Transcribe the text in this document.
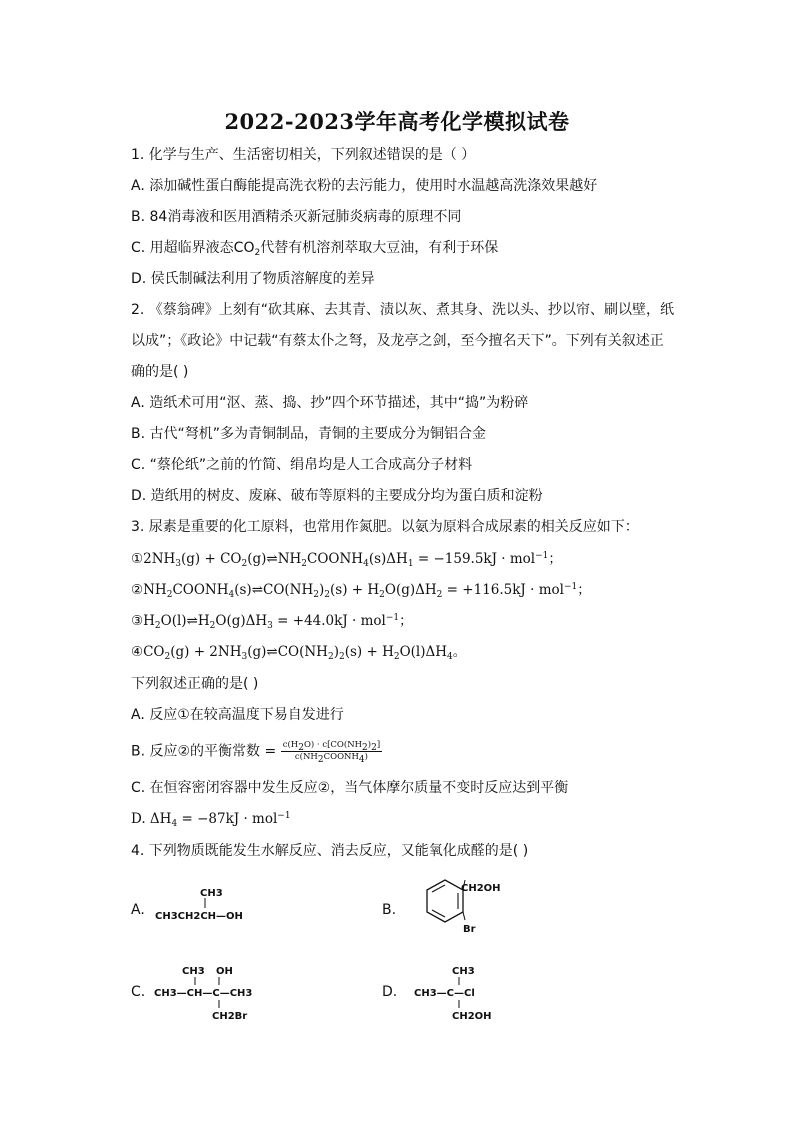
2022-2023学年高考化学模拟试卷
1. 化学与生产、生活密切相关，下列叙述错误的是（ ）
A. 添加碱性蛋白酶能提高洗衣粉的去污能力，使用时水温越高洗涤效果越好
B. 84消毒液和医用酒精杀灭新冠肺炎病毒的原理不同
C. 用超临界液态$CO_2$代替有机溶剂萃取大豆油，有利于环保
D. 侯氏制碱法利用了物质溶解度的差异
2. 《蔡翁碑》上刻有“砍其麻、去其青、渍以灰、煮其身、洗以头、抄以帘、刷以壁，纸
以成”；《政论》中记载“有蔡太仆之弩，及龙亭之剑，至今擅名天下”。下列有关叙述正
确的是( )
A. 造纸术可用“沤、蒸、捣、抄”四个环节描述，其中“捣”为粉碎
B. 古代“弩机”多为青铜制品，青铜的主要成分为铜铝合金
C. “蔡伦纸”之前的竹简、绢帛均是人工合成高分子材料
D. 造纸用的树皮、废麻、破布等原料的主要成分均为蛋白质和淀粉
3. 尿素是重要的化工原料，也常用作氮肥。以氨为原料合成尿素的相关反应如下：
$①2NH_3(g)$ + $CO_2(g)\rightleftharpoons NH_2COONH_4(s)\Delta H_1 = -159.5kJ \cdot mol^{-1}$；
$②NH_2COONH_4(s)\rightleftharpoons CO(NH_2)_2(s) + H_2O(g)\Delta H_2 = +116.5kJ \cdot mol^{-1}$；
$③H_2O(l)\rightleftharpoons H_2O(g)\Delta H_3 = +44.0kJ \cdot mol^{-1}$；
$④CO_2(g)$ + $2NH_3(g)\rightleftharpoons CO(NH_2)_2(s) + H_2O(l)\Delta H_4$。
下列叙述正确的是( )
A. 反应①在较高温度下易自发进行
B. 反应②的平衡常数 = $\frac{c(H_2O) \cdot c[CO(NH_2)_2]}{c(NH_2COONH_4)}$
C. 在恒容密闭容器中发生反应②，当气体摩尔质量不变时反应达到平衡
D. $\Delta H_4 = -87kJ \cdot mol^{-1}$
4. 下列物质既能发生水解反应、消去反应，又能氧化成醛的是( )
A.
CH3
CH3CH2CH—OH	B.
CH2OH
Br
C.
CH3 OH
CH3—CH—C—CH3
CH2Br
D.
CH3
CH3—C—Cl
CH2OH
